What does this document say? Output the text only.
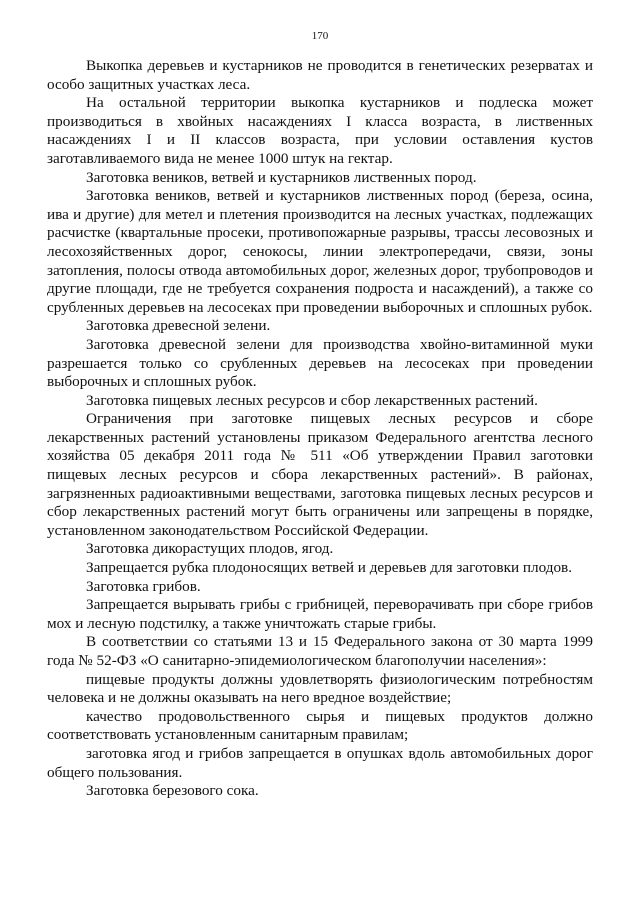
170

Выкопка деревьев и кустарников не проводится в генетических резерватах и особо защитных участках леса.

На остальной территории выкопка кустарников и подлеска может производиться в хвойных насаждениях I класса возраста, в лиственных насаждениях I и II классов возраста, при условии оставления кустов заготавливаемого вида не менее 1000 штук на гектар.

Заготовка веников, ветвей и кустарников лиственных пород.

Заготовка веников, ветвей и кустарников лиственных пород (береза, осина, ива и другие) для метел и плетения производится на лесных участках, подлежащих расчистке (квартальные просеки, противопожарные разрывы, трассы лесовозных и лесохозяйственных дорог, сенокосы, линии электропередачи, связи, зоны затопления, полосы отвода автомобильных дорог, железных дорог, трубопроводов и другие площади, где не требуется сохранения подроста и насаждений), а также со срубленных деревьев на лесосеках при проведении выборочных и сплошных рубок.

Заготовка древесной зелени.

Заготовка древесной зелени для производства хвойно-витаминной муки разрешается только со срубленных деревьев на лесосеках при проведении выборочных и сплошных рубок.

Заготовка пищевых лесных ресурсов и сбор лекарственных растений.

Ограничения при заготовке пищевых лесных ресурсов и сборе лекарственных растений установлены приказом Федерального агентства лесного хозяйства 05 декабря 2011 года № 511 «Об утверждении Правил заготовки пищевых лесных ресурсов и сбора лекарственных растений». В районах, загрязненных радиоактивными веществами, заготовка пищевых лесных ресурсов и сбор лекарственных растений могут быть ограничены или запрещены в порядке, установленном законодательством Российской Федерации.

Заготовка дикорастущих плодов, ягод.

Запрещается рубка плодоносящих ветвей и деревьев для заготовки плодов.

Заготовка грибов.

Запрещается вырывать грибы с грибницей, переворачивать при сборе грибов мох и лесную подстилку, а также уничтожать старые грибы.

В соответствии со статьями 13 и 15 Федерального закона от 30 марта 1999 года № 52-ФЗ «О санитарно-эпидемиологическом благополучии населения»:

пищевые продукты должны удовлетворять физиологическим потребностям человека и не должны оказывать на него вредное воздействие;

качество продовольственного сырья и пищевых продуктов должно соответствовать установленным санитарным правилам;

заготовка ягод и грибов запрещается в опушках вдоль автомобильных дорог общего пользования.

Заготовка березового сока.
